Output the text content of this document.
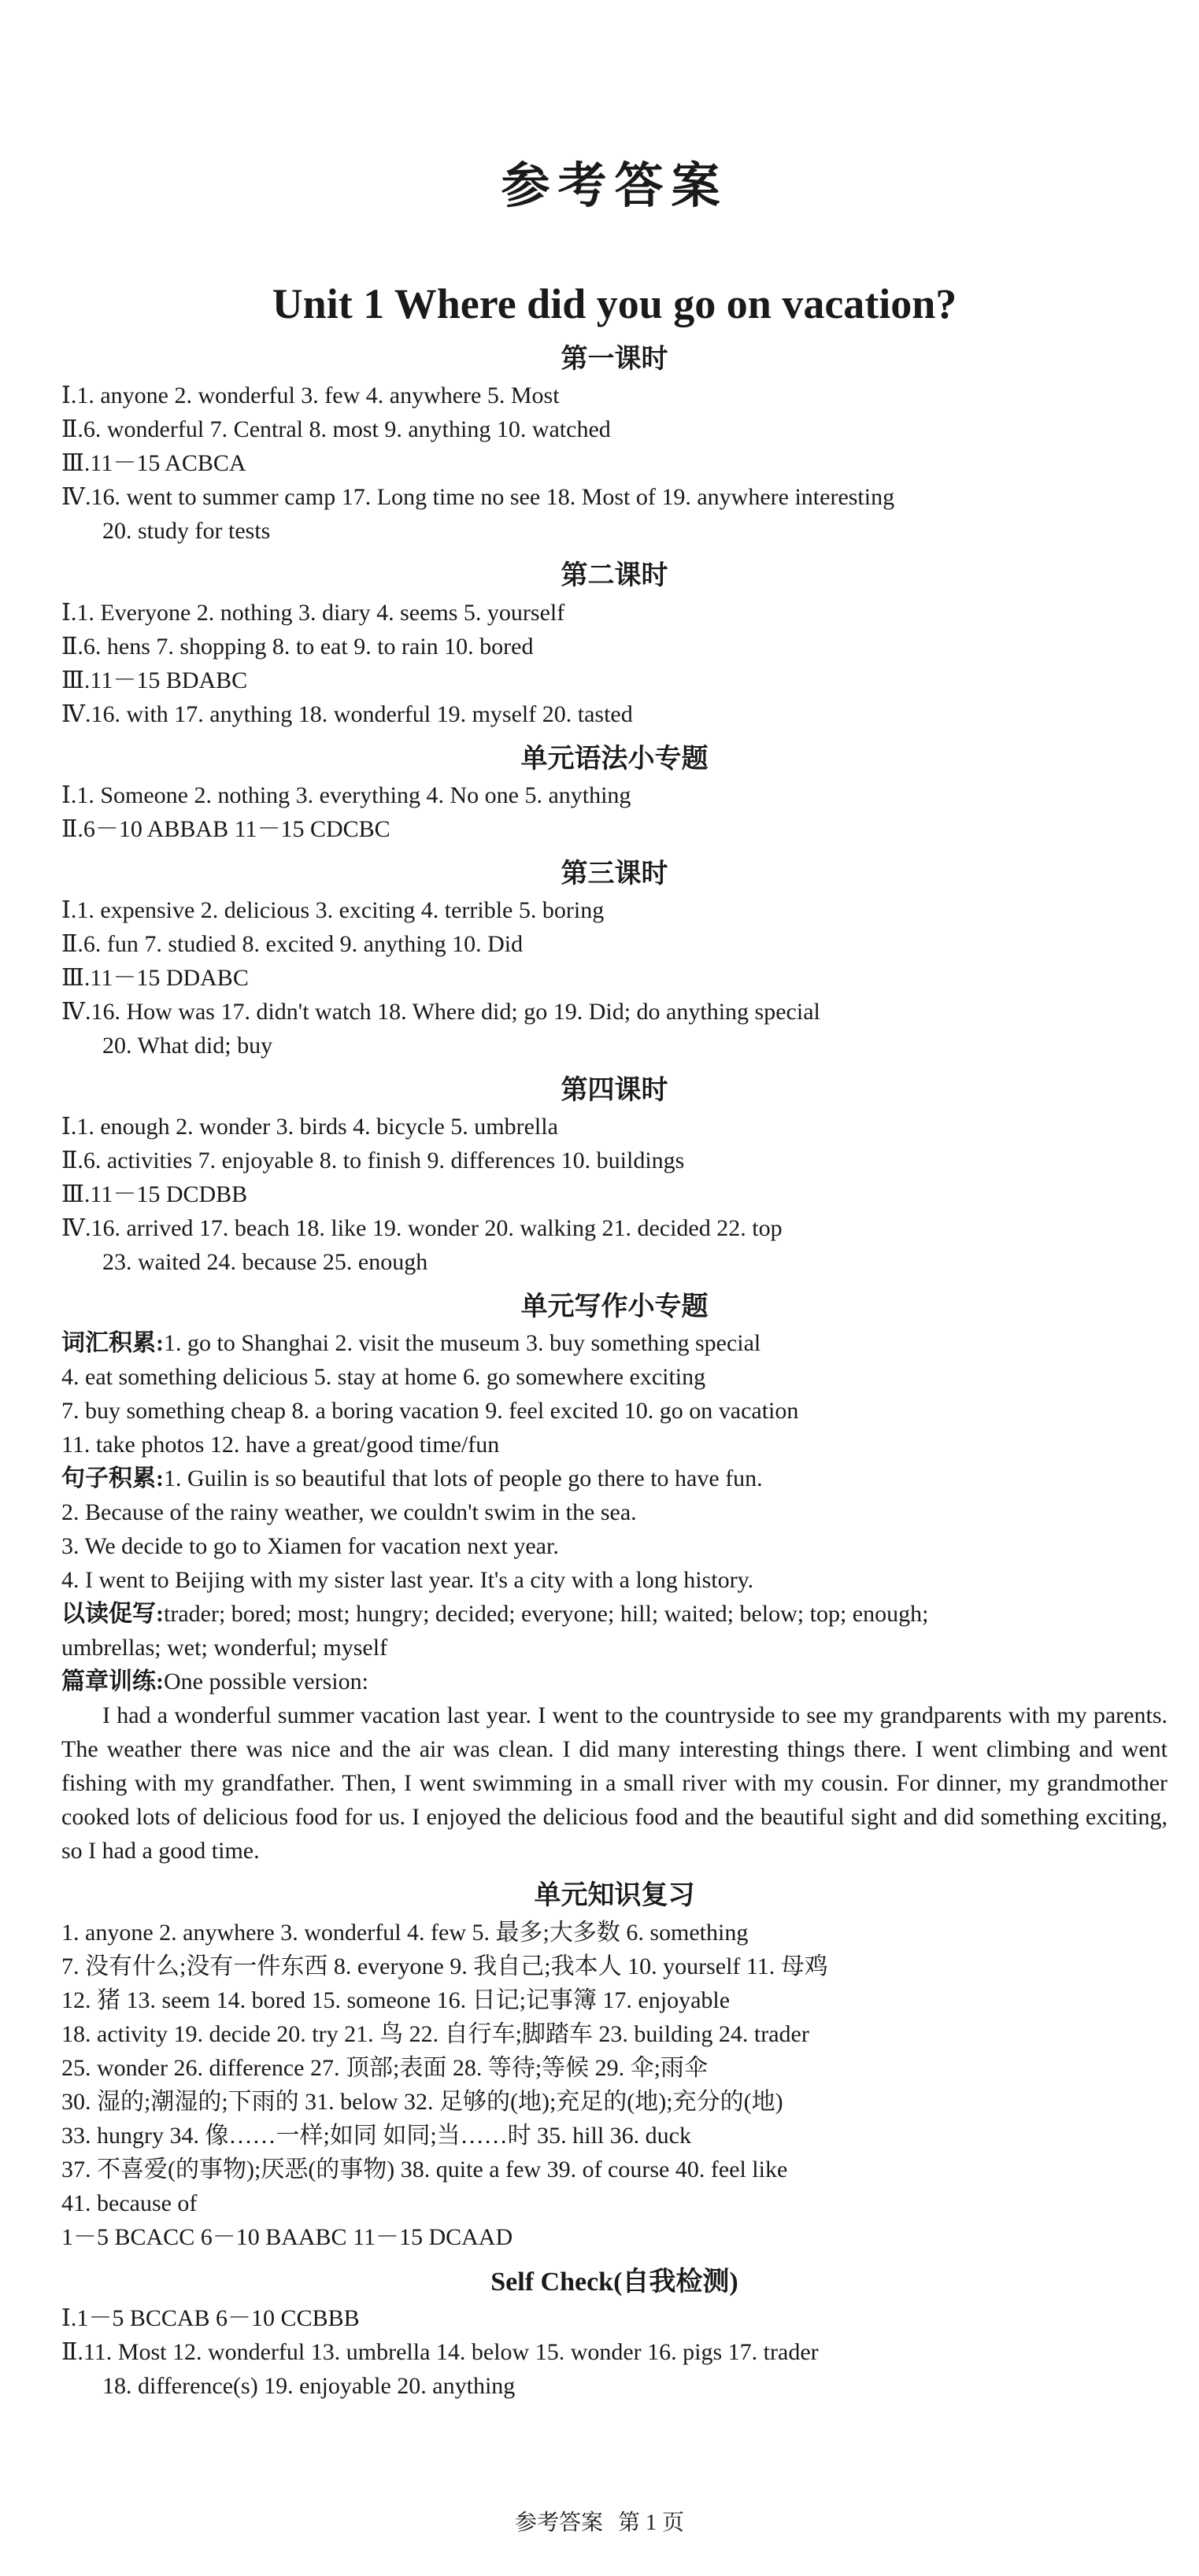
参考答案
Unit 1 Where did you go on vacation?
第一课时
Ⅰ.1. anyone 2. wonderful 3. few 4. anywhere 5. Most
Ⅱ.6. wonderful 7. Central 8. most 9. anything 10. watched
Ⅲ.11－15 ACBCA
Ⅳ.16. went to summer camp 17. Long time no see 18. Most of 19. anywhere interesting
20. study for tests
第二课时
Ⅰ.1. Everyone 2. nothing 3. diary 4. seems 5. yourself
Ⅱ.6. hens 7. shopping 8. to eat 9. to rain 10. bored
Ⅲ.11－15 BDABC
Ⅳ.16. with 17. anything 18. wonderful 19. myself 20. tasted
单元语法小专题
Ⅰ.1. Someone 2. nothing 3. everything 4. No one 5. anything
Ⅱ.6－10 ABBAB 11－15 CDCBC
第三课时
Ⅰ.1. expensive 2. delicious 3. exciting 4. terrible 5. boring
Ⅱ.6. fun 7. studied 8. excited 9. anything 10. Did
Ⅲ.11－15 DDABC
Ⅳ.16. How was 17. didn't watch 18. Where did; go 19. Did; do anything special
20. What did; buy
第四课时
Ⅰ.1. enough 2. wonder 3. birds 4. bicycle 5. umbrella
Ⅱ.6. activities 7. enjoyable 8. to finish 9. differences 10. buildings
Ⅲ.11－15 DCDBB
Ⅳ.16. arrived 17. beach 18. like 19. wonder 20. walking 21. decided 22. top
23. waited 24. because 25. enough
单元写作小专题
词汇积累:1. go to Shanghai 2. visit the museum 3. buy something special
4. eat something delicious 5. stay at home 6. go somewhere exciting
7. buy something cheap 8. a boring vacation 9. feel excited 10. go on vacation
11. take photos 12. have a great/good time/fun
句子积累:1. Guilin is so beautiful that lots of people go there to have fun.
2. Because of the rainy weather, we couldn't swim in the sea.
3. We decide to go to Xiamen for vacation next year.
4. I went to Beijing with my sister last year. It's a city with a long history.
以读促写:trader; bored; most; hungry; decided; everyone; hill; waited; below; top; enough;
umbrellas; wet; wonderful; myself
篇章训练:One possible version:

I had a wonderful summer vacation last year. I went to the countryside to see my grandparents with my parents. The weather there was nice and the air was clean. I did many interesting things there. I went climbing and went fishing with my grandfather. Then, I went swimming in a small river with my cousin. For dinner, my grandmother cooked lots of delicious food for us. I enjoyed the delicious food and the beautiful sight and did something exciting, so I had a good time.

单元知识复习
1. anyone 2. anywhere 3. wonderful 4. few 5. 最多;大多数 6. something
7. 没有什么;没有一件东西 8. everyone 9. 我自己;我本人 10. yourself 11. 母鸡
12. 猪 13. seem 14. bored 15. someone 16. 日记;记事簿 17. enjoyable
18. activity 19. decide 20. try 21. 鸟 22. 自行车;脚踏车 23. building 24. trader
25. wonder 26. difference 27. 顶部;表面 28. 等待;等候 29. 伞;雨伞
30. 湿的;潮湿的;下雨的 31. below 32. 足够的(地);充足的(地);充分的(地)
33. hungry 34. 像……一样;如同 如同;当……时 35. hill 36. duck
37. 不喜爱(的事物);厌恶(的事物) 38. quite a few 39. of course 40. feel like
41. because of
1－5 BCACC 6－10 BAABC 11－15 DCAAD
Self Check(自我检测)
Ⅰ.1－5 BCCAB 6－10 CCBBB
Ⅱ.11. Most 12. wonderful 13. umbrella 14. below 15. wonder 16. pigs 17. trader
18. difference(s) 19. enjoyable 20. anything
参考答案 第 1 页
